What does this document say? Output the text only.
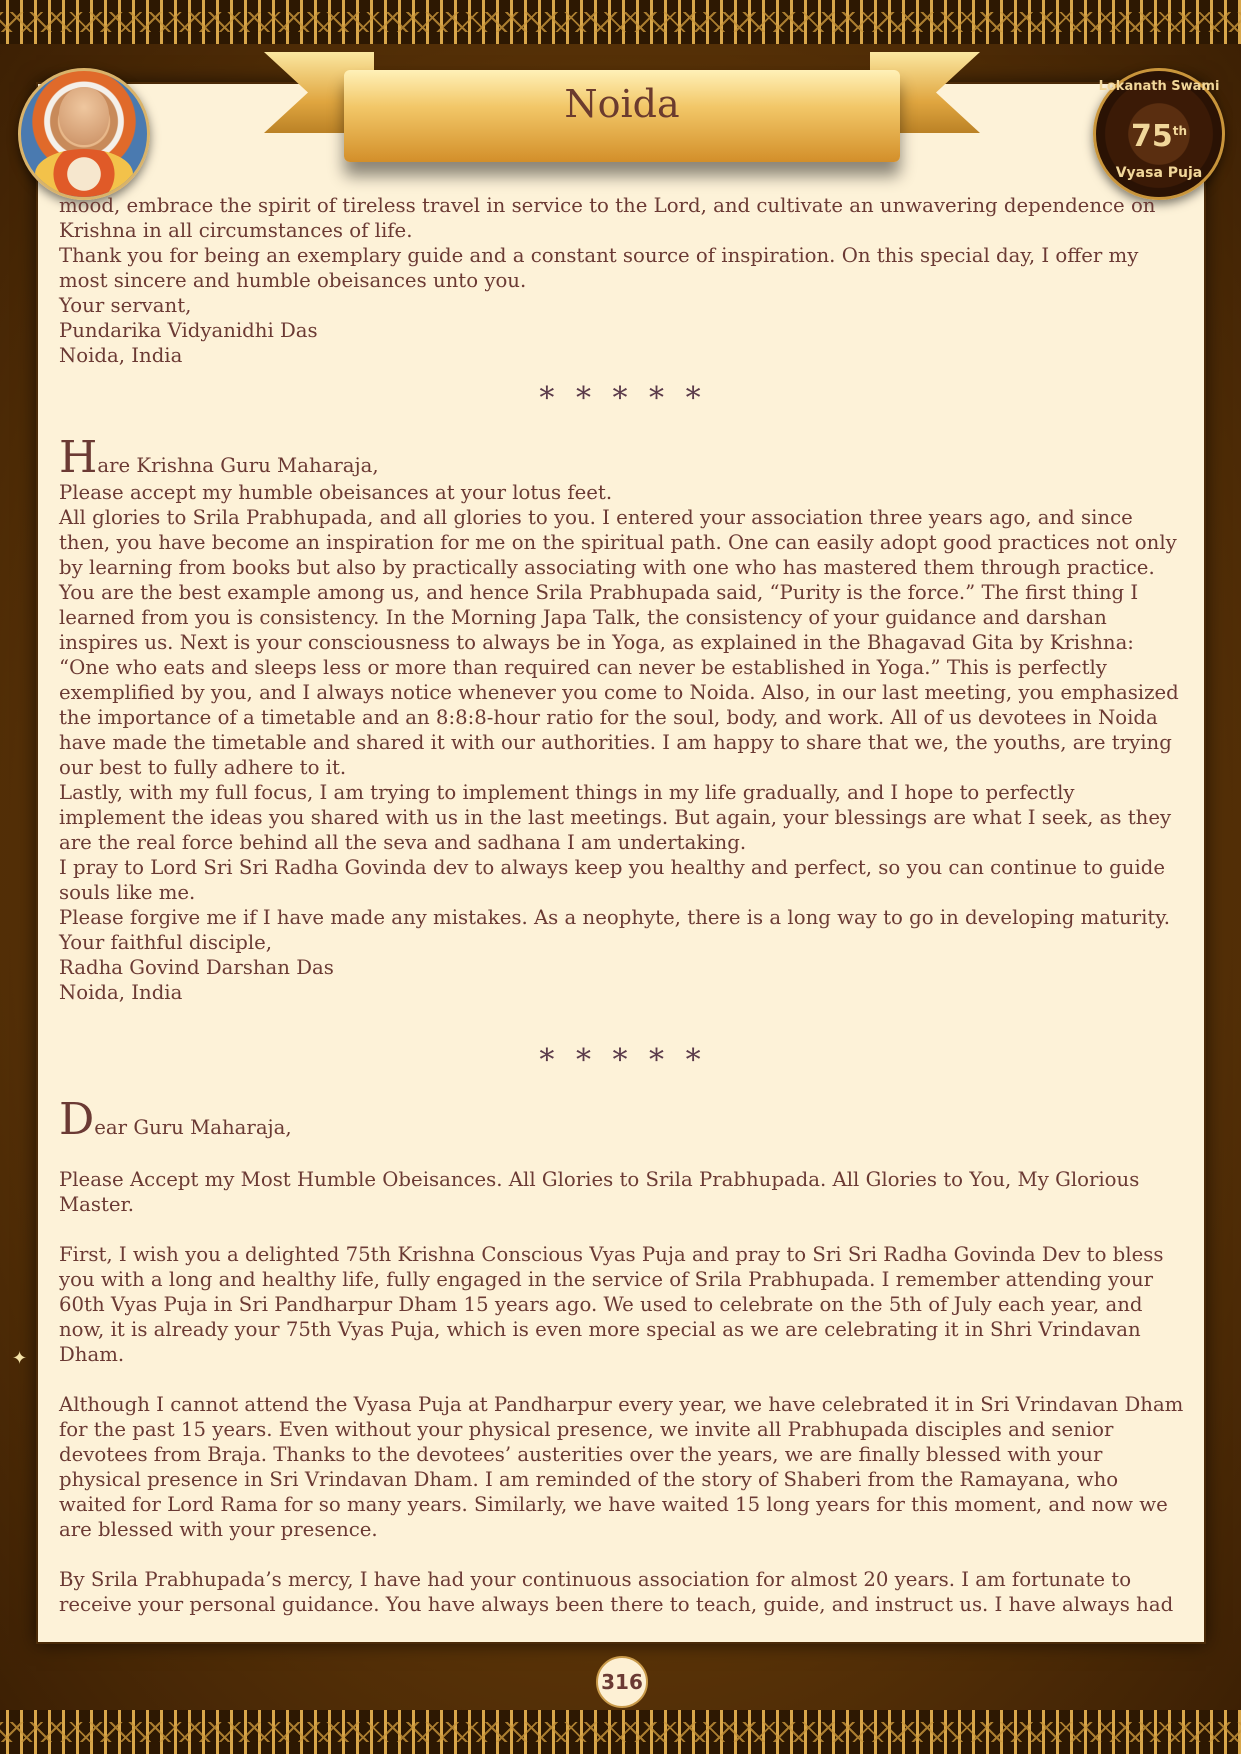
Noida	Lokanath Swami
75th
Vyasa Puja

mood, embrace the spirit of tireless travel in service to the Lord, and cultivate an unwavering dependence on Krishna in all circumstances of life.

Thank you for being an exemplary guide and a constant source of inspiration. On this special day, I offer my most sincere and humble obeisances unto you.

Your servant,

Pundarika Vidyanidhi Das

Noida, India

* * * * *

Hare Krishna Guru Maharaja,

Please accept my humble obeisances at your lotus feet.

All glories to Srila Prabhupada, and all glories to you. I entered your association three years ago, and since then, you have become an inspiration for me on the spiritual path. One can easily adopt good practices not only by learning from books but also by practically associating with one who has mastered them through practice. You are the best example among us, and hence Srila Prabhupada said, “Purity is the force.” The first thing I learned from you is consistency. In the Morning Japa Talk, the consistency of your guidance and darshan inspires us. Next is your consciousness to always be in Yoga, as explained in the Bhagavad Gita by Krishna: “One who eats and sleeps less or more than required can never be established in Yoga.” This is perfectly exemplified by you, and I always notice whenever you come to Noida. Also, in our last meeting, you emphasized the importance of a timetable and an 8:8:8-hour ratio for the soul, body, and work. All of us devotees in Noida have made the timetable and shared it with our authorities. I am happy to share that we, the youths, are trying our best to fully adhere to it.

Lastly, with my full focus, I am trying to implement things in my life gradually, and I hope to perfectly implement the ideas you shared with us in the last meetings. But again, your blessings are what I seek, as they are the real force behind all the seva and sadhana I am undertaking.

I pray to Lord Sri Sri Radha Govinda dev to always keep you healthy and perfect, so you can continue to guide souls like me.

Please forgive me if I have made any mistakes. As a neophyte, there is a long way to go in developing maturity.

Your faithful disciple,

Radha Govind Darshan Das

Noida, India

* * * * *

Dear Guru Maharaja,

Please Accept my Most Humble Obeisances. All Glories to Srila Prabhupada. All Glories to You, My Glorious Master.

First, I wish you a delighted 75th Krishna Conscious Vyas Puja and pray to Sri Sri Radha Govinda Dev to bless you with a long and healthy life, fully engaged in the service of Srila Prabhupada. I remember attending your 60th Vyas Puja in Sri Pandharpur Dham 15 years ago. We used to celebrate on the 5th of July each year, and now, it is already your 75th Vyas Puja, which is even more special as we are celebrating it in Shri Vrindavan Dham.

Although I cannot attend the Vyasa Puja at Pandharpur every year, we have celebrated it in Sri Vrindavan Dham for the past 15 years. Even without your physical presence, we invite all Prabhupada disciples and senior devotees from Braja. Thanks to the devotees’ austerities over the years, we are finally blessed with your physical presence in Sri Vrindavan Dham. I am reminded of the story of Shaberi from the Ramayana, who waited for Lord Rama for so many years. Similarly, we have waited 15 long years for this moment, and now we are blessed with your presence.

By Srila Prabhupada’s mercy, I have had your continuous association for almost 20 years. I am fortunate to receive your personal guidance. You have always been there to teach, guide, and instruct us. I have always had

✦
316
